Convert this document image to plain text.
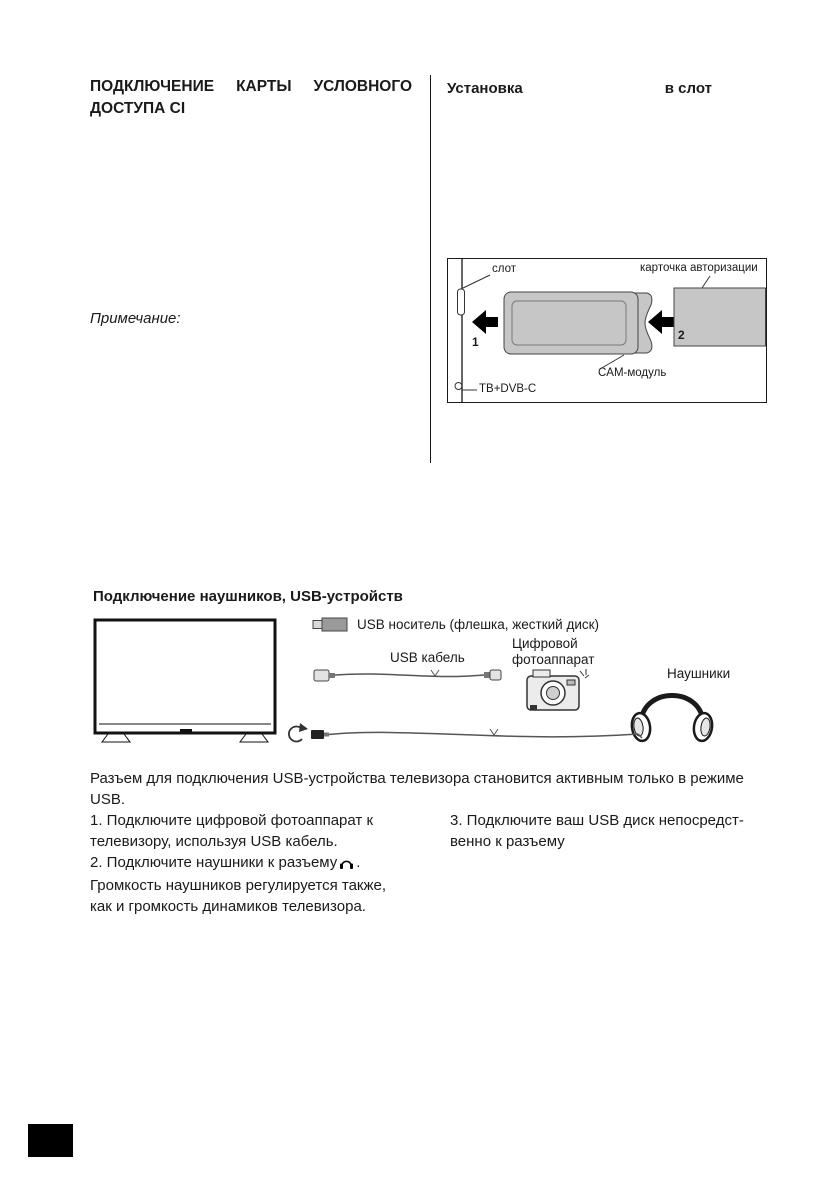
ПОДКЛЮЧЕНИЕ КАРТЫ УСЛОВНОГО
ДОСТУПА CI
Установка	в слот
Примечание:
слот	карточка авторизации
1	2
CAM-модуль
ТВ+DVB-C
Подключение наушников, USB-устройств
USB носитель (флешка, жесткий диск)
USB кабель
Цифровой
фотоаппарат
Наушники
Разъем для подключения USB-устройства телевизора становится активным только в режиме USB.
1. Подключите цифровой фотоаппарат к телевизору, используя USB кабель.
2. Подключите наушники к разъему . Громкость наушников регулируется также, как и громкость динамиков телевизора.
3. Подключите ваш USB диск непосредст-
венно к разъему
